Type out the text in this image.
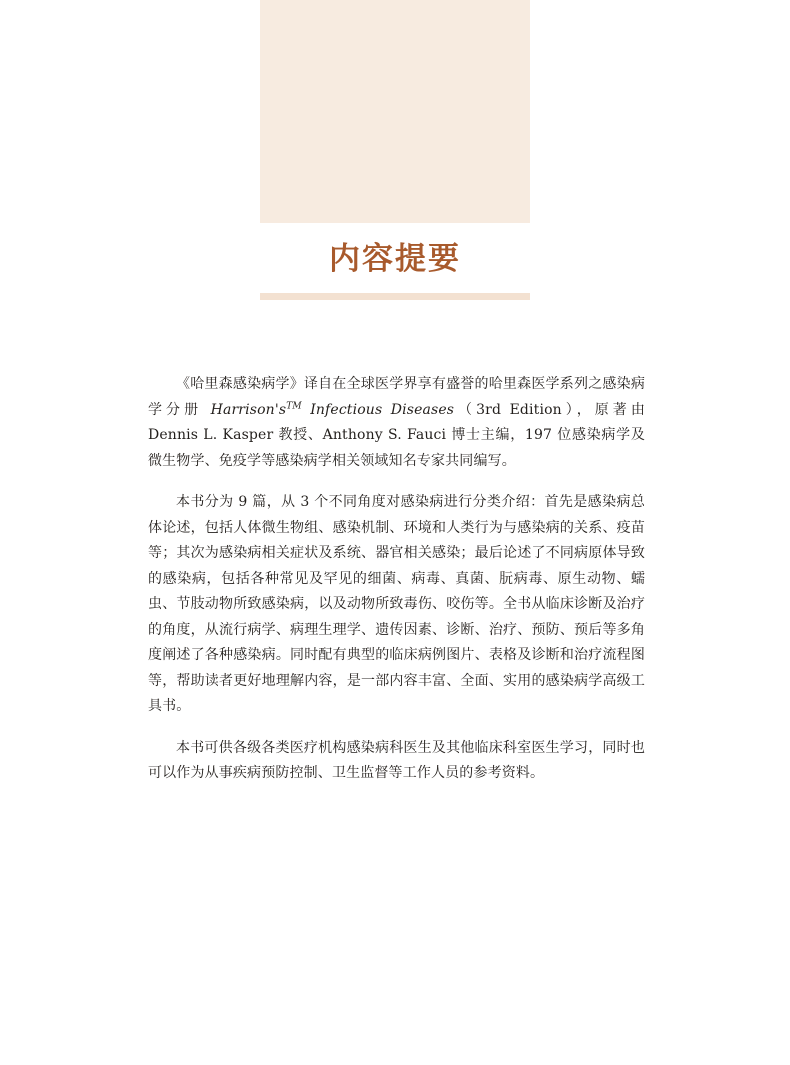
内容提要

《哈里森感染病学》译自在全球医学界享有盛誉的哈里森医学系列之感染病学分册 Harrison's™ Infectious Diseases（3rd Edition），原著由 Dennis L. Kasper 教授、Anthony S. Fauci 博士主编，197 位感染病学及微生物学、免疫学等感染病学相关领域知名专家共同编写。

本书分为 9 篇，从 3 个不同角度对感染病进行分类介绍：首先是感染病总体论述，包括人体微生物组、感染机制、环境和人类行为与感染病的关系、疫苗等；其次为感染病相关症状及系统、器官相关感染；最后论述了不同病原体导致的感染病，包括各种常见及罕见的细菌、病毒、真菌、朊病毒、原生动物、蠕虫、节肢动物所致感染病，以及动物所致毒伤、咬伤等。全书从临床诊断及治疗的角度，从流行病学、病理生理学、遗传因素、诊断、治疗、预防、预后等多角度阐述了各种感染病。同时配有典型的临床病例图片、表格及诊断和治疗流程图等，帮助读者更好地理解内容，是一部内容丰富、全面、实用的感染病学高级工具书。

本书可供各级各类医疗机构感染病科医生及其他临床科室医生学习，同时也可以作为从事疾病预防控制、卫生监督等工作人员的参考资料。
